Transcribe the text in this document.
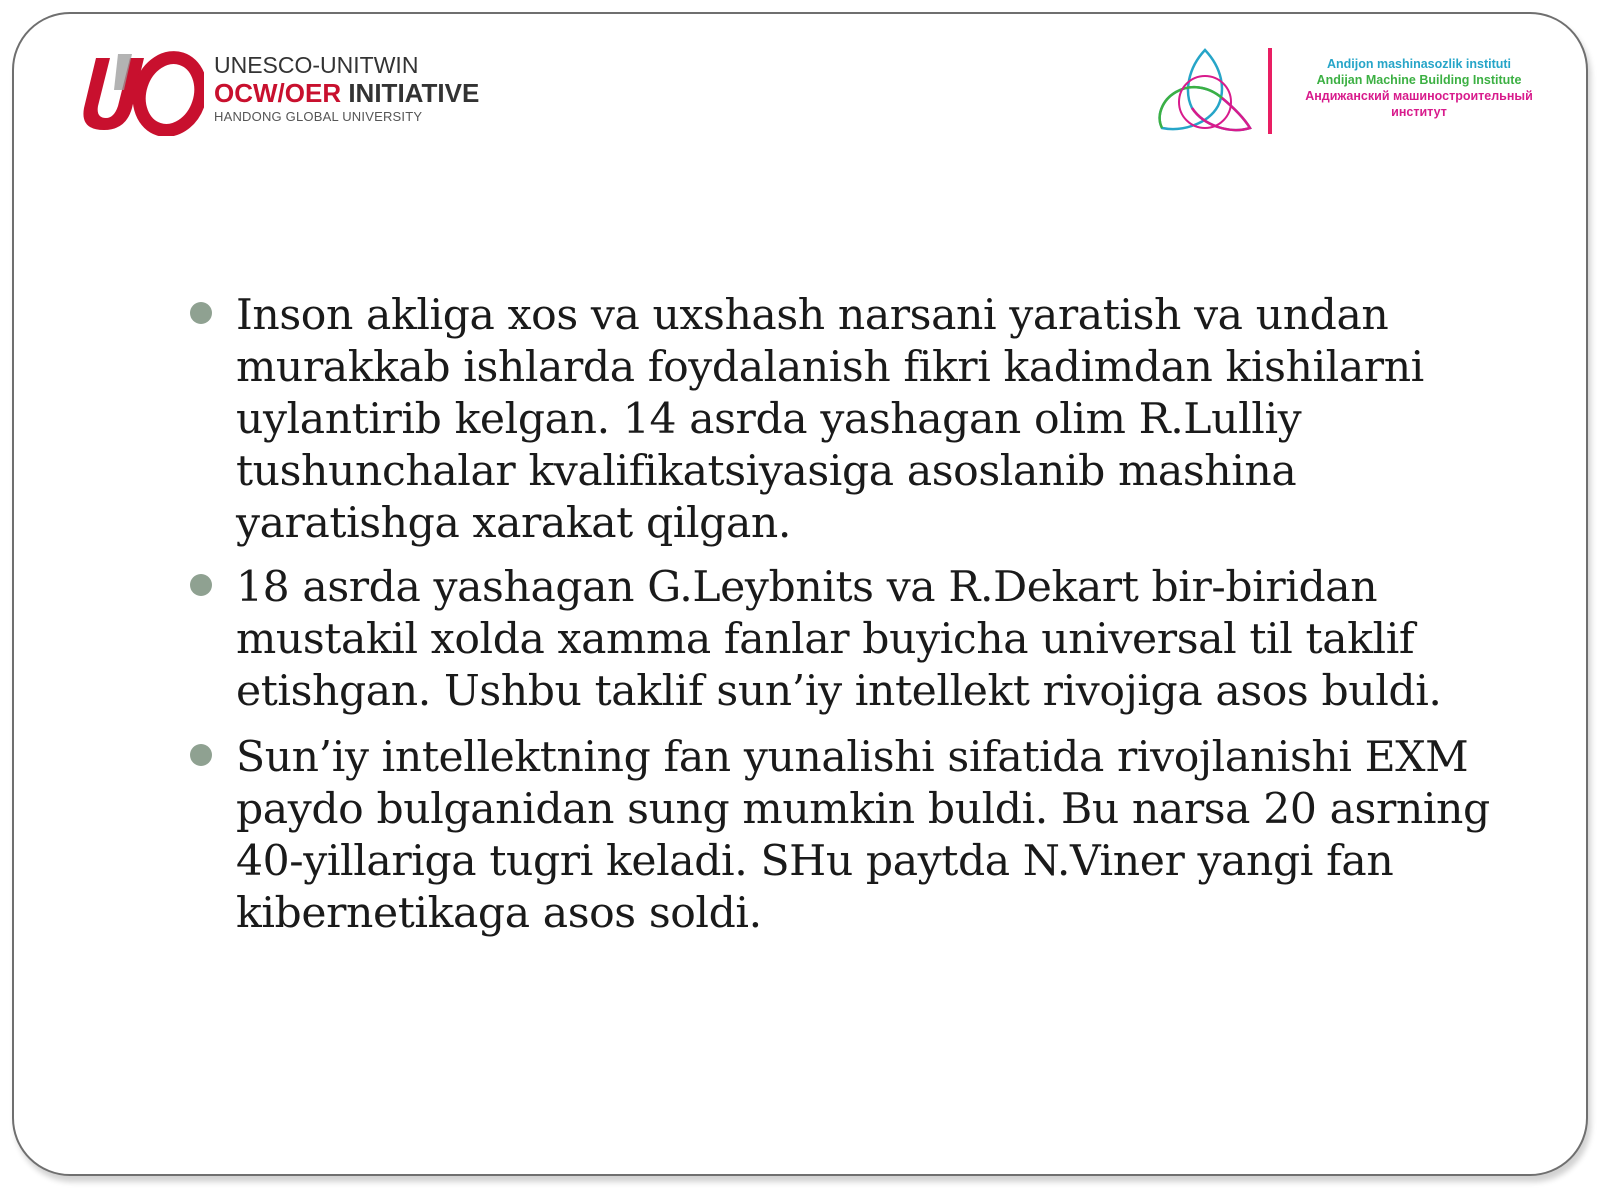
UNESCO-UNITWIN
OCW/OER INITIATIVE
HANDONG GLOBAL UNIVERSITY
Andijon mashinasozlik instituti
Andijan Machine Building Institute
Андижанский машиностроительный институт
Inson akliga xos va uxshash narsani yaratish va undan murakkab ishlarda foydalanish fikri kadimdan kishilarni uylantirib kelgan. 14 asrda yashagan olim R.Lulliy tushunchalar kvalifikatsiyasiga asoslanib mashina yaratishga xarakat qilgan.
18 asrda yashagan G.Leybnits va R.Dekart bir-biridan mustakil xolda xamma fanlar buyicha universal til taklif etishgan. Ushbu taklif sun’iy intellekt rivojiga asos buldi.
Sun’iy intellektning fan yunalishi sifatida rivojlanishi EXM paydo bulganidan sung mumkin buldi. Bu narsa 20 asrning 40-yillariga tugri keladi. SHu paytda N.Viner yangi fan kibernetikaga asos soldi.
